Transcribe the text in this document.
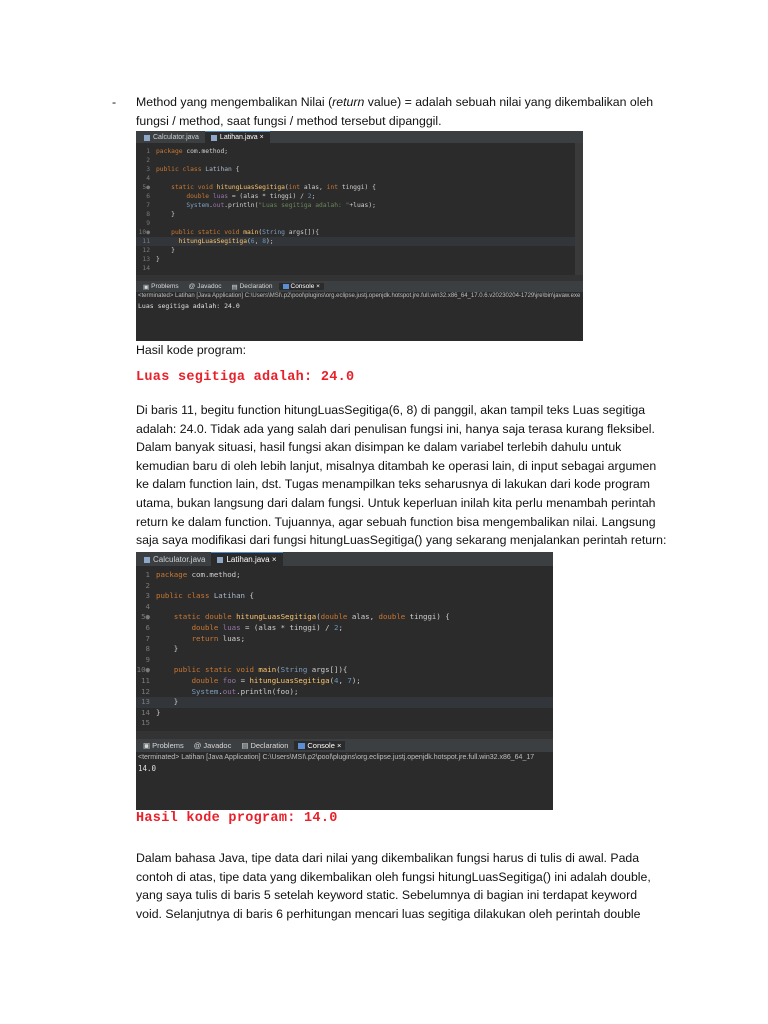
- Method yang mengembalikan Nilai (return value) = adalah sebuah nilai yang dikembalikan oleh
fungsi / method, saat fungsi / method tersebut dipanggil.
Calculator.java	Latihan.java ×
1 package com.method;
2
3 public class Latihan {
4
5●	static void hitungLuasSegitiga(int alas, int tinggi) {
6	double luas = (alas * tinggi) / 2;
7	System.out.println("Luas segitiga adalah: "+luas);
8    }
9
10●	public static void main(String args[]){
11	hitungLuasSegitiga(6, 8);
12    }
13 }
14
▣ Problems @ Javadoc ▤ Declaration	Console ×
<terminated> Latihan [Java Application] C:\Users\MSI\.p2\pool\plugins\org.eclipse.justj.openjdk.hotspot.jre.full.win32.x86_64_17.0.6.v20230204-1729\jre\bin\javaw.exe
Luas segitiga adalah: 24.0
Hasil kode program:
Luas segitiga adalah: 24.0
Di baris 11, begitu function hitungLuasSegitiga(6, 8) di panggil, akan tampil teks Luas segitiga
adalah: 24.0. Tidak ada yang salah dari penulisan fungsi ini, hanya saja terasa kurang fleksibel.
Dalam banyak situasi, hasil fungsi akan disimpan ke dalam variabel terlebih dahulu untuk
kemudian baru di oleh lebih lanjut, misalnya ditambah ke operasi lain, di input sebagai argumen
ke dalam function lain, dst. Tugas menampilkan teks seharusnya di lakukan dari kode program
utama, bukan langsung dari dalam fungsi. Untuk keperluan inilah kita perlu menambah perintah
return ke dalam function. Tujuannya, agar sebuah function bisa mengembalikan nilai. Langsung
saja saya modifikasi dari fungsi hitungLuasSegitiga() yang sekarang menjalankan perintah return:
Calculator.java	Latihan.java ×
1 package com.method;
2
3 public class Latihan {
4
5●	static double hitungLuasSegitiga(double alas, double tinggi) {
6	double luas = (alas * tinggi) / 2;
7	return luas;
8    }
9
10●	public static void main(String args[]){
11	double foo = hitungLuasSegitiga(4, 7);
12	System.out.println(foo);
13    }
14 }
15
▣ Problems @ Javadoc ▤ Declaration	Console ×
<terminated> Latihan [Java Application] C:\Users\MSI\.p2\pool\plugins\org.eclipse.justj.openjdk.hotspot.jre.full.win32.x86_64_17
14.0
Hasil kode program: 14.0
Dalam bahasa Java, tipe data dari nilai yang dikembalikan fungsi harus di tulis di awal. Pada
contoh di atas, tipe data yang dikembalikan oleh fungsi hitungLuasSegitiga() ini adalah double,
yang saya tulis di baris 5 setelah keyword static. Sebelumnya di bagian ini terdapat keyword
void. Selanjutnya di baris 6 perhitungan mencari luas segitiga dilakukan oleh perintah double
